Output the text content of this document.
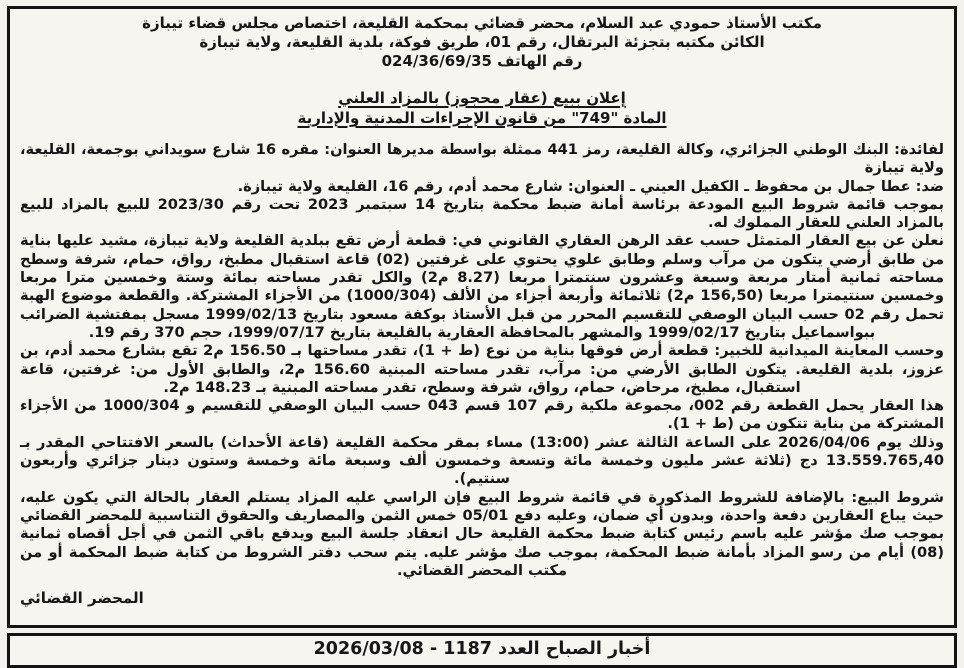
مكتب الأستاذ حمودي عبد السلام، محضر قضائي بمحكمة القليعة، اختصاص مجلس قضاء تيبازة
الكائن مكتبه بتجزئة البرتقال، رقم 01، طريق فوكة، بلدية القليعة، ولاية تيبازة
رقم الهاتف 024/36/69/35
إعلان ببيع (عقار محجوز) بالمزاد العلني
المادة "749" من قانون الإجراءات المدنية والإدارية

لفائدة: البنك الوطني الجزائري، وكالة القليعة، رمز 441 ممثلة بواسطة مديرها العنوان: مقره 16 شارع سويداني بوجمعة، القليعة، ولاية تيبازة

ضد: عطا جمال بن محفوظ ـ الكفيل العيني ـ العنوان: شارع محمد أدم، رقم 16، القليعة ولاية تيبازة.

بموجب قائمة شروط البيع المودعة برئاسة أمانة ضبط محكمة بتاريخ 14 سبتمبر 2023 تحت رقم 2023/30 للبيع بالمزاد للبيع بالمزاد العلني للعقار المملوك له.

نعلن عن بيع العقار المتمثل حسب عقد الرهن العقاري القانوني في: قطعة أرض تقع ببلدية القليعة ولاية تيبازة، مشيد عليها بناية من طابق أرضي يتكون من مرآب وسلم وطابق علوي يحتوي على غرفتين (02) قاعة استقبال مطبخ، رواق، حمام، شرفة وسطح مساحته ثمانية أمتار مربعة وسبعة وعشرون سنتمترا مربعا (8.27 م2) والكل تقدر مساحته بمائة وستة وخمسين مترا مربعا وخمسين سنتيمترا مربعا (156,50 م2) ثلاثمائة وأربعة أجزاء من الألف (1000/304) من الأجزاء المشتركة. والقطعة موضوع الهبة تحمل رقم 02 حسب البيان الوصفي للتقسيم المحرر من قبل الأستاذ بوكفة مسعود بتاريخ 1999/02/13 مسجل بمفتشية الضرائب ببواسماعيل بتاريخ 1999/02/17 والمشهر بالمحافظة العقارية بالقليعة بتاريخ 1999/07/17، حجم 370 رقم 19.

وحسب المعاينة الميدانية للخبير: قطعة أرض فوقها بناية من نوع (ط + 1)، تقدر مساحتها بـ 156.50 م2 تقع بشارع محمد أدم، بن عزوز، بلدية القليعة. يتكون الطابق الأرضي من: مرآب، تقدر مساحته المبنية 156.60 م2، والطابق الأول من: غرفتين، قاعة استقبال، مطبخ، مرحاض، حمام، رواق، شرفة وسطح، تقدر مساحته المبنية بـ 148.23 م2.

هذا العقار يحمل القطعة رقم 002، مجموعة ملكية رقم 107 قسم 043 حسب البيان الوصفي للتقسيم و 1000/304 من الأجزاء المشتركة من بناية تتكون من (ط + 1).

وذلك يوم 2026/04/06 على الساعة الثالثة عشر (13:00) مساء بمقر محكمة القليعة (قاعة الأحداث) بالسعر الافتتاحي المقدر بـ 13.559.765,40 دج (ثلاثة عشر مليون وخمسة مائة وتسعة وخمسون ألف وسبعة مائة وخمسة وستون دينار جزائري وأربعون سنتيم).

شروط البيع: بالإضافة للشروط المذكورة في قائمة شروط البيع فإن الراسي عليه المزاد يستلم العقار بالحالة التي يكون عليه، حيث يباع العقارين دفعة واحدة، وبدون أي ضمان، وعليه دفع 05/01 خمس الثمن والمصاريف والحقوق التناسبية للمحضر القضائي بموجب صك مؤشر عليه باسم رئيس كتابة ضبط محكمة القليعة حال انعقاد جلسة البيع ويدفع باقي الثمن في أجل أقصاه ثمانية (08) أيام من رسو المزاد بأمانة ضبط المحكمة، بموجب صك مؤشر عليه. يتم سحب دفتر الشروط من كتابة ضبط المحكمة أو من مكتب المحضر القضائي.

المحضر القضائي
أخبار الصباح العدد 1187 - 2026/03/08
